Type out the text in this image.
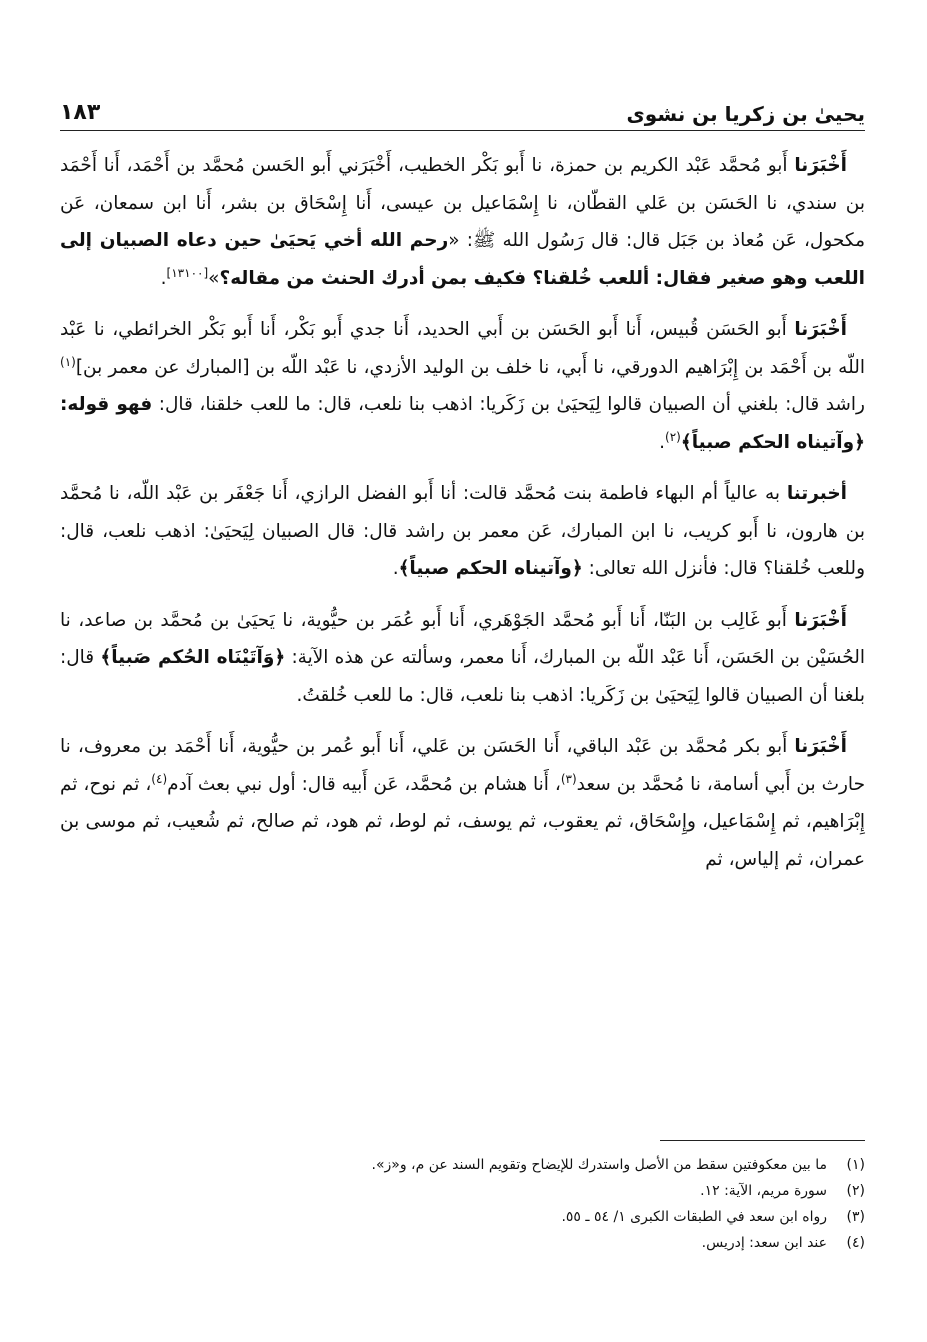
يحيىٰ بن زكريا بن نشوى
١٨٣

أَخْبَرَنا أَبو مُحمَّد عَبْد الكريم بن حمزة، نا أَبو بَكْر الخطيب، أَخْبَرَني أَبو الحَسن مُحمَّد بن أَحْمَد، أَنا أَحْمَد بن سندي، نا الحَسَن بن عَلي القطّان، نا إِسْمَاعيل بن عيسى، أَنا إِسْحَاق بن بشر، أَنا ابن سمعان، عَن مكحول، عَن مُعاذ بن جَبَل قال: قال رَسُول الله ﷺ: «رحم الله أخي يَحيَىٰ حين دعاه الصبيان إلى اللعب وهو صغير فقال: أللعب خُلقنا؟ فكيف بمن أدرك الحنث من مقاله؟»[١٣١٠٠].

أَخْبَرَنا أَبو الحَسَن قُبيس، أَنا أَبو الحَسَن بن أَبي الحديد، أَنا جدي أَبو بَكْر، أَنا أَبو بَكْر الخرائطي، نا عَبْد اللّه بن أَحْمَد بن إِبْرَاهيم الدورقي، نا أَبي، نا خلف بن الوليد الأزدي، نا عَبْد اللّه بن [المبارك عن معمر بن]$^{(١)}$ راشد قال: بلغني أن الصبيان قالوا لِيَحيَىٰ بن زَكَريا: اذهب بنا نلعب، قال: ما للعب خلقنا، قال: فهو قوله: ﴿وآتيناه الحكم صبياً﴾$^{(٢)}$.

أخبرتنا به عالياً أم البهاء فاطمة بنت مُحمَّد قالت: أنا أَبو الفضل الرازي، أَنا جَعْفَر بن عَبْد اللّه، نا مُحمَّد بن هارون، نا أَبو كريب، نا ابن المبارك، عَن معمر بن راشد قال: قال الصبيان لِيَحيَىٰ: اذهب نلعب، قال: وللعب خُلقنا؟ قال: فأنزل الله تعالى: ﴿وآتيناه الحكم صبياً﴾.

أَخْبَرَنا أَبو غَالِب بن البَنّا، أَنا أَبو مُحمَّد الجَوْهَري، أَنا أَبو عُمَر بن حيُّوية، نا يَحيَىٰ بن مُحمَّد بن صاعد، نا الحُسَيْن بن الحَسَن، أَنا عَبْد اللّه بن المبارك، أَنا معمر، وسألته عن هذه الآية: ﴿وَآتَيْنَاه الحُكم صَبياً﴾ قال: بلغنا أن الصبيان قالوا لِيَحيَىٰ بن زَكَريا: اذهب بنا نلعب، قال: ما للعب خُلقتُ.

أَخْبَرَنا أَبو بكر مُحمَّد بن عَبْد الباقي، أَنا الحَسَن بن عَلي، أَنا أَبو عُمر بن حيُّوية، أَنا أَحْمَد بن معروف، نا حارث بن أَبي أسامة، نا مُحمَّد بن سعد$^{(٣)}$، أَنا هشام بن مُحمَّد، عَن أَبيه قال: أول نبي بعث آدم$^{(٤)}$، ثم نوح، ثم إِبْرَاهيم، ثم إِسْمَاعيل، وإِسْحَاق، ثم يعقوب، ثم يوسف، ثم لوط، ثم هود، ثم صالح، ثم شُعيب، ثم موسى بن عمران، ثم إلياس، ثم

(١)
ما بين معكوفتين سقط من الأصل واستدرك للإيضاح وتقويم السند عن م، و«ز».
(٢)
سورة مريم، الآية: ١٢.
(٣)
رواه ابن سعد في الطبقات الكبرى ١/ ٥٤ ـ ٥٥.
(٤)
عند ابن سعد: إدريس.
